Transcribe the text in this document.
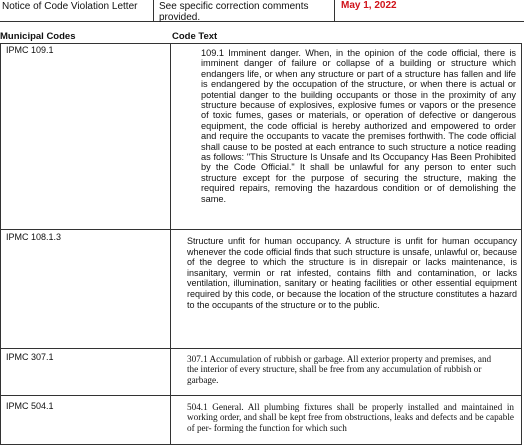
Notice of Code Violation Letter See specific correction comments provided.
May 1, 2022
Municipal Codes	Code Text
IPMC 109.1	109.1 Imminent danger. When, in the opinion of the code official, there is imminent danger of failure or collapse of a building or structure which endangers life, or when any structure or part of a structure has fallen and life is endangered by the occupation of the structure, or when there is actual or potential danger to the building occupants or those in the proximity of any structure because of explosives, explosive fumes or vapors or the presence of toxic fumes, gases or materials, or operation of defective or dangerous equipment, the code official is hereby authorized and empowered to order and require the occupants to vacate the premises forthwith. The code official shall cause to be posted at each entrance to such structure a notice reading as follows: "This Structure Is Unsafe and Its Occupancy Has Been Prohibited by the Code Official." It shall be unlawful for any person to enter such structure except for the purpose of securing the structure, making the required repairs, removing the hazardous condition or of demolishing the same.

IPMC 108.1.3	Structure unfit for human occupancy. A structure is unfit for human occupancy whenever the code official finds that such structure is unsafe, unlawful or, because of the degree to which the structure is in disrepair or lacks maintenance, is insanitary, vermin or rat infested, contains filth and contamination, or lacks ventilation, illumination, sanitary or heating facilities or other essential equipment required by this code, or because the location of the structure constitutes a hazard to the occupants of the structure or to the public.

IPMC 307.1	307.1 Accumulation of rubbish or garbage. All exterior property and premises, and the interior of every structure, shall be free from any accumulation of rubbish or garbage.

IPMC 504.1	504.1 General. All plumbing fixtures shall be properly installed and maintained in working order, and shall be kept free from obstructions, leaks and defects and be capable of per- forming the function for which such
